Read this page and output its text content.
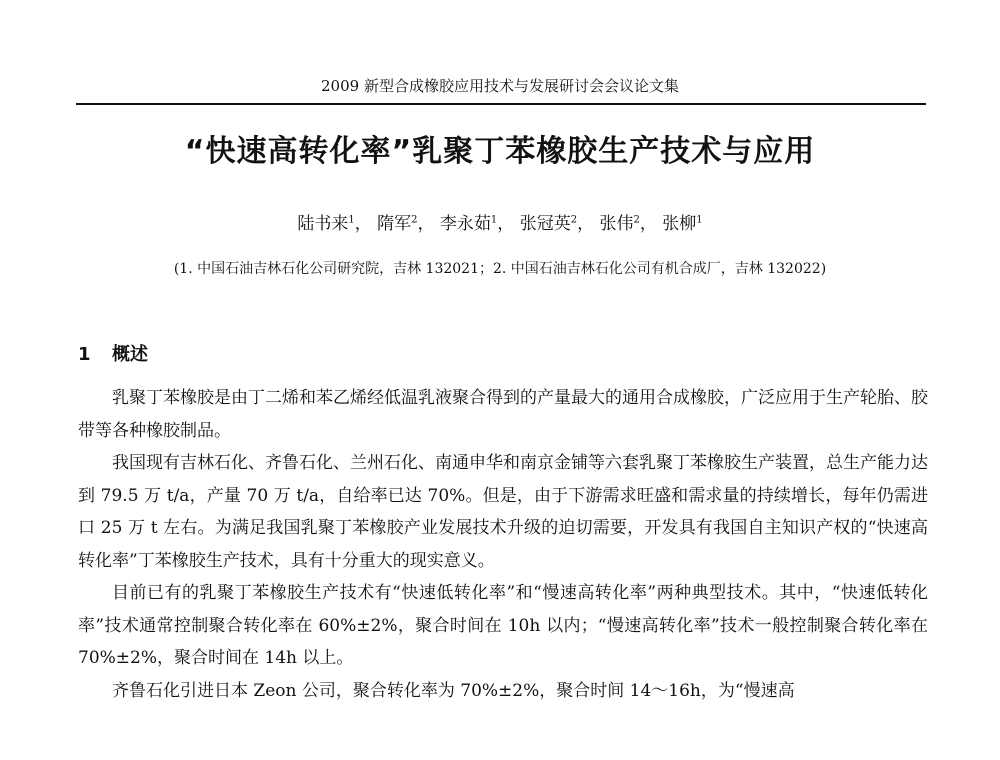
2009 新型合成橡胶应用技术与发展研讨会会议论文集
“快速高转化率”乳聚丁苯橡胶生产技术与应用
陆书来$^1$， 隋军$^2$， 李永茹$^1$， 张冠英$^2$， 张伟$^2$， 张柳$^1$
(1. 中国石油吉林石化公司研究院，吉林 132021；2. 中国石油吉林石化公司有机合成厂，吉林 132022)
1 概述

乳聚丁苯橡胶是由丁二烯和苯乙烯经低温乳液聚合得到的产量最大的通用合成橡胶，广泛应用于生产轮胎、胶带等各种橡胶制品。

我国现有吉林石化、齐鲁石化、兰州石化、南通申华和南京金铺等六套乳聚丁苯橡胶生产装置，总生产能力达到 79.5 万 t/a，产量 70 万 t/a，自给率已达 70%。但是，由于下游需求旺盛和需求量的持续增长，每年仍需进口 25 万 t 左右。为满足我国乳聚丁苯橡胶产业发展技术升级的迫切需要，开发具有我国自主知识产权的“快速高转化率”丁苯橡胶生产技术，具有十分重大的现实意义。

目前已有的乳聚丁苯橡胶生产技术有“快速低转化率”和“慢速高转化率”两种典型技术。其中，“快速低转化率”技术通常控制聚合转化率在 60%±2%，聚合时间在 10h 以内；“慢速高转化率”技术一般控制聚合转化率在 70%±2%，聚合时间在 14h 以上。

齐鲁石化引进日本 Zeon 公司，聚合转化率为 70%±2%，聚合时间 14～16h，为“慢速高
